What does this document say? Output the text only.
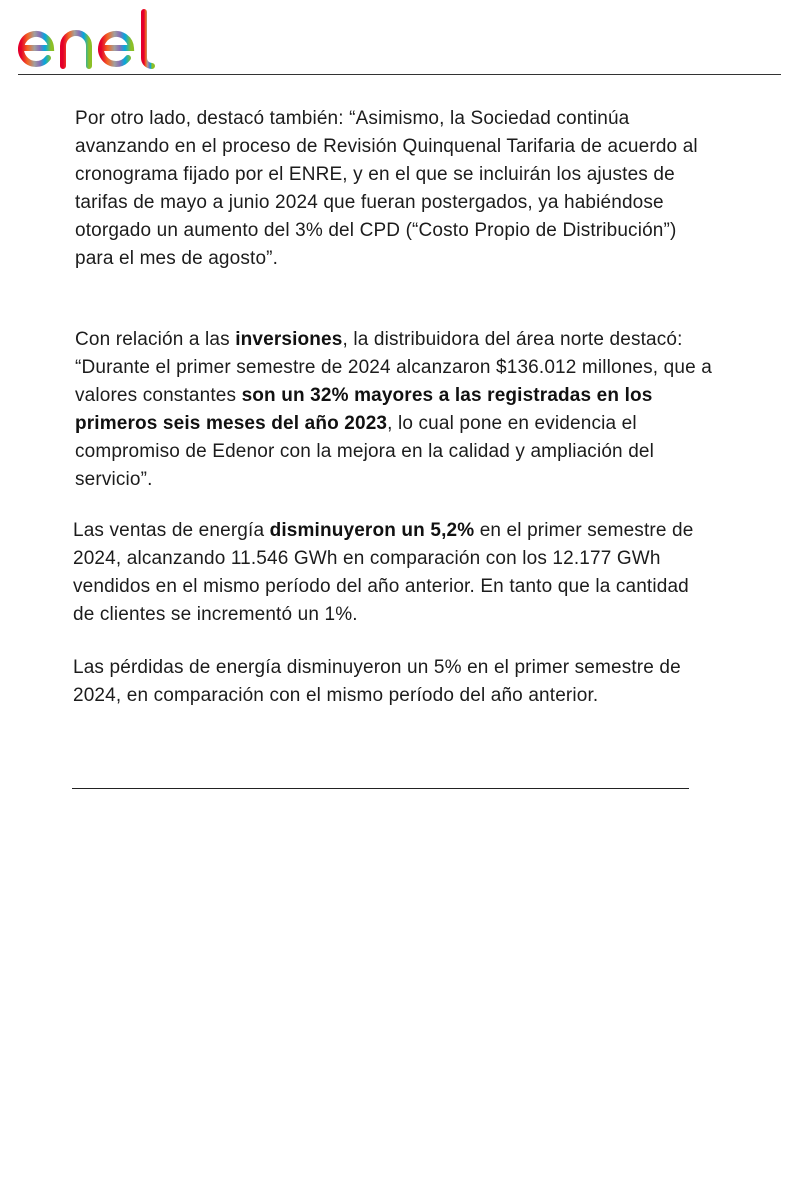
Por otro lado, destacó también: “Asimismo, la Sociedad continúa avanzando en el proceso de Revisión Quinquenal Tarifaria de acuerdo al cronograma fijado por el ENRE, y en el que se incluirán los ajustes de tarifas de mayo a junio 2024 que fueran postergados, ya habiéndose otorgado un aumento del 3% del CPD (“Costo Propio de Distribución”) para el mes de agosto”.

Con relación a las inversiones, la distribuidora del área norte destacó: “Durante el primer semestre de 2024 alcanzaron $136.012 millones, que a valores constantes son un 32% mayores a las registradas en los primeros seis meses del año 2023, lo cual pone en evidencia el compromiso de Edenor con la mejora en la calidad y ampliación del servicio”.

Las ventas de energía disminuyeron un 5,2% en el primer semestre de 2024, alcanzando 11.546 GWh en comparación con los 12.177 GWh vendidos en el mismo período del año anterior. En tanto que la cantidad de clientes se incrementó un 1%.

Las pérdidas de energía disminuyeron un 5% en el primer semestre de 2024, en comparación con el mismo período del año anterior.
